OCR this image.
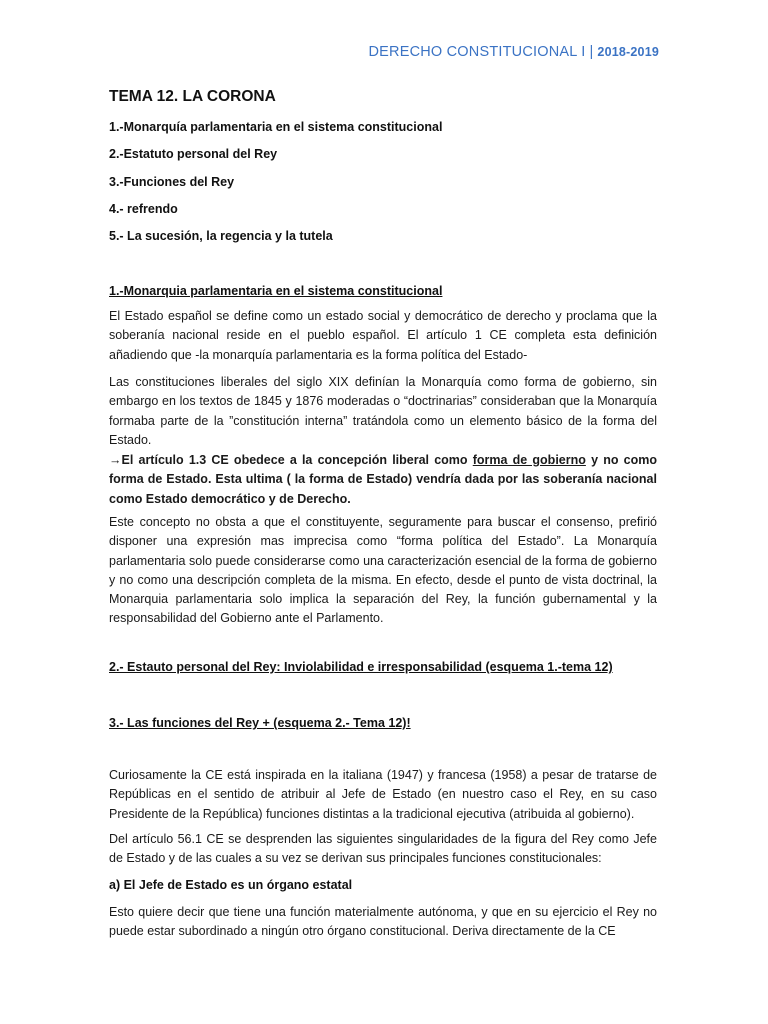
DERECHO CONSTITUCIONAL I | 2018-2019
TEMA 12. LA CORONA
1.-Monarquía parlamentaria en el sistema constitucional
2.-Estatuto personal del Rey
3.-Funciones del Rey
4.- refrendo
5.- La sucesión, la regencia y la tutela
1.-Monarquia parlamentaria en el sistema constitucional

El Estado español se define como un estado social y democrático de derecho y proclama que la soberanía nacional reside en el pueblo español. El artículo 1 CE completa esta definición añadiendo que -la monarquía parlamentaria es la forma política del Estado-

Las constituciones liberales del siglo XIX definían la Monarquía como forma de gobierno, sin embargo en los textos de 1845 y 1876 moderadas o “doctrinarias” consideraban que la Monarquía formaba parte de la ”constitución interna” tratándola como un elemento básico de la forma del Estado.

→El artículo 1.3 CE obedece a la concepción liberal como forma de gobierno y no como forma de Estado. Esta ultima ( la forma de Estado) vendría dada por las soberanía nacional como Estado democrático y de Derecho.

Este concepto no obsta a que el constituyente, seguramente para buscar el consenso, prefirió disponer una expresión mas imprecisa como “forma política del Estado”. La Monarquía parlamentaria solo puede considerarse como una caracterización esencial de la forma de gobierno y no como una descripción completa de la misma. En efecto, desde el punto de vista doctrinal, la Monarquia parlamentaria solo implica la separación del Rey, la función gubernamental y la responsabilidad del Gobierno ante el Parlamento.

2.- Estauto personal del Rey: Inviolabilidad e irresponsabilidad (esquema 1.-tema 12)
3.- Las funciones del Rey + (esquema 2.- Tema 12)!

Curiosamente la CE está inspirada en la italiana (1947) y francesa (1958) a pesar de tratarse de Repúblicas en el sentido de atribuir al Jefe de Estado (en nuestro caso el Rey, en su caso Presidente de la República) funciones distintas a la tradicional ejecutiva (atribuida al gobierno).

Del artículo 56.1 CE se desprenden las siguientes singularidades de la figura del Rey como Jefe de Estado y de las cuales a su vez se derivan sus principales funciones constitucionales:

a) El Jefe de Estado es un órgano estatal

Esto quiere decir que tiene una función materialmente autónoma, y que en su ejercicio el Rey no puede estar subordinado a ningún otro órgano constitucional. Deriva directamente de la CE
